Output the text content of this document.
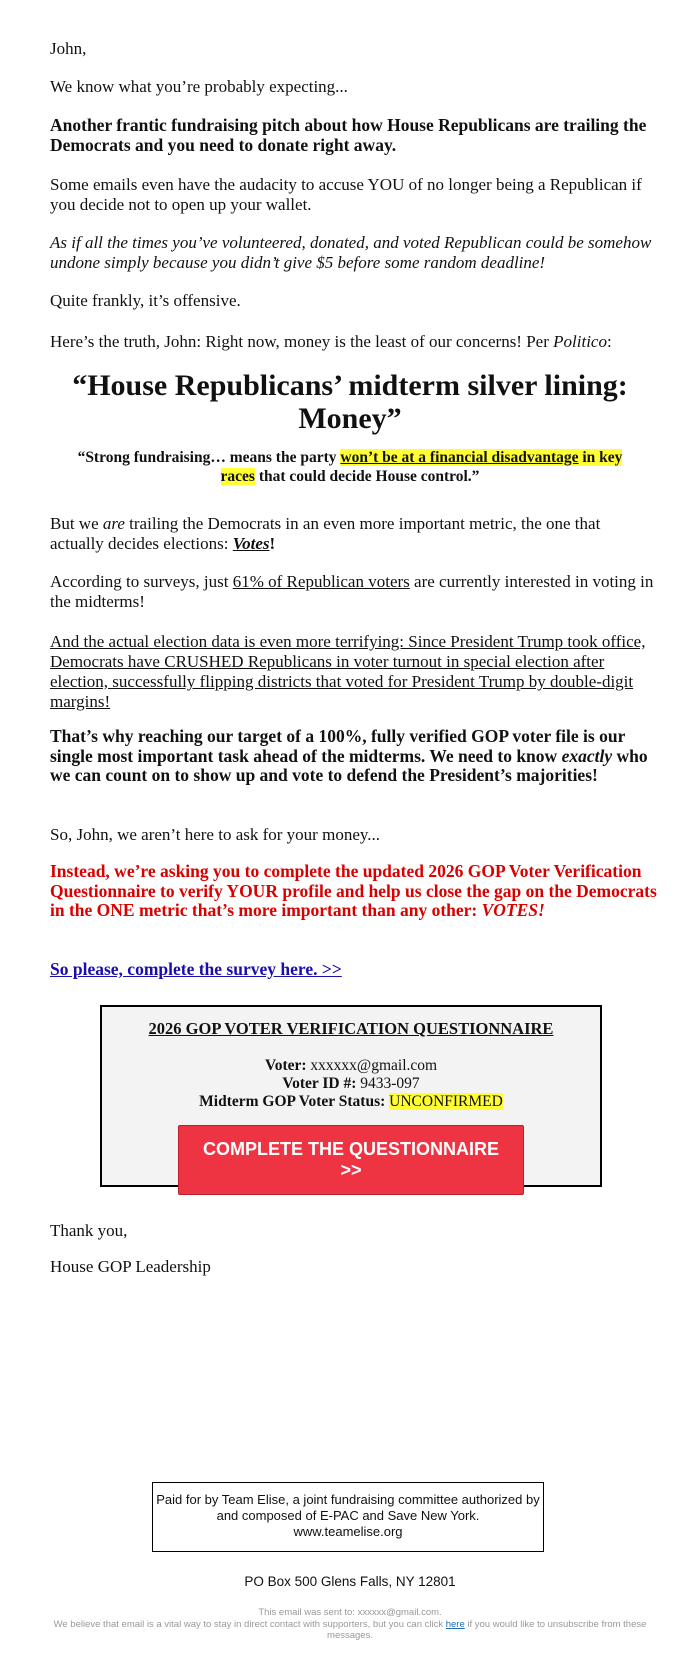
John,
We know what you’re probably expecting...
Another frantic fundraising pitch about how House Republicans are trailing the Democrats and you need to donate right away.
Some emails even have the audacity to accuse YOU of no longer being a Republican if you decide not to open up your wallet.
As if all the times you’ve volunteered, donated, and voted Republican could be somehow undone simply because you didn’t give $5 before some random deadline!
Quite frankly, it’s offensive.
Here’s the truth, John: Right now, money is the least of our concerns! Per Politico:
“House Republicans’ midterm silver lining: Money”
“Strong fundraising… means the party won’t be at a financial disadvantage in key races that could decide House control.”
But we are trailing the Democrats in an even more important metric, the one that actually decides elections: Votes!
According to surveys, just 61% of Republican voters are currently interested in voting in the midterms!
And the actual election data is even more terrifying: Since President Trump took office, Democrats have CRUSHED Republicans in voter turnout in special election after election, successfully flipping districts that voted for President Trump by double-digit margins!
That’s why reaching our target of a 100%, fully verified GOP voter file is our single most important task ahead of the midterms. We need to know exactly who we can count on to show up and vote to defend the President’s majorities!
So, John, we aren’t here to ask for your money...
Instead, we’re asking you to complete the updated 2026 GOP Voter Verification Questionnaire to verify YOUR profile and help us close the gap on the Democrats in the ONE metric that’s more important than any other: VOTES!
So please, complete the survey here. >>
2026 GOP VOTER VERIFICATION QUESTIONNAIRE
Voter: xxxxxx@gmail.com
Voter ID #: 9433-097
Midterm GOP Voter Status: UNCONFIRMED
COMPLETE THE QUESTIONNAIRE >>
Thank you,
House GOP Leadership
Paid for by Team Elise, a joint fundraising committee authorized by and composed of E-PAC and Save New York.
www.teamelise.org
PO Box 500 Glens Falls, NY 12801
This email was sent to: xxxxxx@gmail.com.
We believe that email is a vital way to stay in direct contact with supporters, but you can click here if you would like to unsubscribe from these messages.
